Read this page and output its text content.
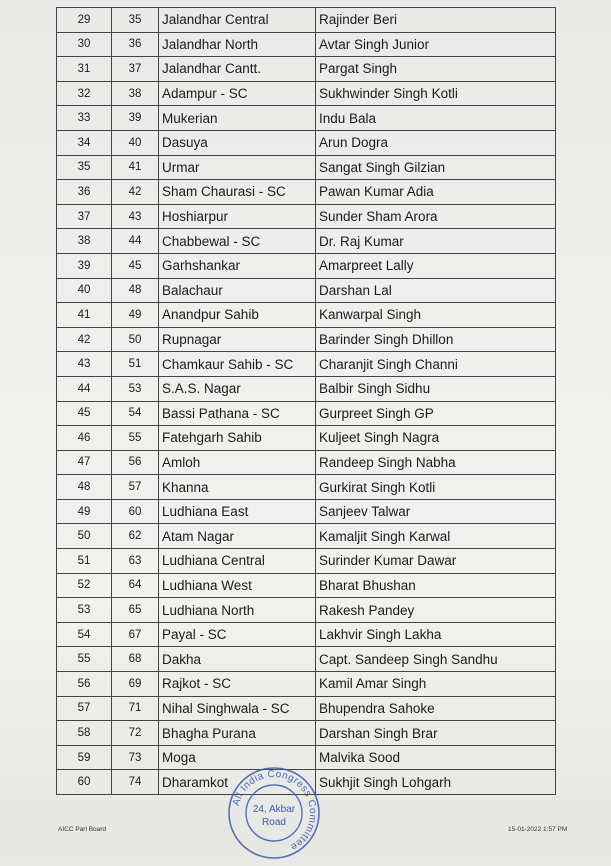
29	35	Jalandhar Central	Rajinder Beri
30	36	Jalandhar North	Avtar Singh Junior
31	37	Jalandhar Cantt.	Pargat Singh
32	38	Adampur - SC	Sukhwinder Singh Kotli
33	39	Mukerian	Indu Bala
34	40	Dasuya	Arun Dogra
35	41	Urmar	Sangat Singh Gilzian
36	42	Sham Chaurasi - SC	Pawan Kumar Adia
37	43	Hoshiarpur	Sunder Sham Arora
38	44	Chabbewal - SC	Dr. Raj Kumar
39	45	Garhshankar	Amarpreet Lally
40	48	Balachaur	Darshan Lal
41	49	Anandpur Sahib	Kanwarpal Singh
42	50	Rupnagar	Barinder Singh Dhillon
43	51	Chamkaur Sahib - SC	Charanjit Singh Channi
44	53	S.A.S. Nagar	Balbir Singh Sidhu
45	54	Bassi Pathana - SC	Gurpreet Singh GP
46	55	Fatehgarh Sahib	Kuljeet Singh Nagra
47	56	Amloh	Randeep Singh Nabha
48	57	Khanna	Gurkirat Singh Kotli
49	60	Ludhiana East	Sanjeev Talwar
50	62	Atam Nagar	Kamaljit Singh Karwal
51	63	Ludhiana Central	Surinder Kumar Dawar
52	64	Ludhiana West	Bharat Bhushan
53	65	Ludhiana North	Rakesh Pandey
54	67	Payal - SC	Lakhvir Singh Lakha
55	68	Dakha	Capt. Sandeep Singh Sandhu
56	69	Rajkot - SC	Kamil Amar Singh
57	71	Nihal Singhwala - SC	Bhupendra Sahoke
58	72	Bhagha Purana	Darshan Singh Brar
59	73	Moga	Malvika Sood
60	74	Dharamkot	Sukhjit Singh Lohgarh
AICC Parl Board	15-01-2022 1:57 PM
All India Congress Committee
24, Akbar
Road
